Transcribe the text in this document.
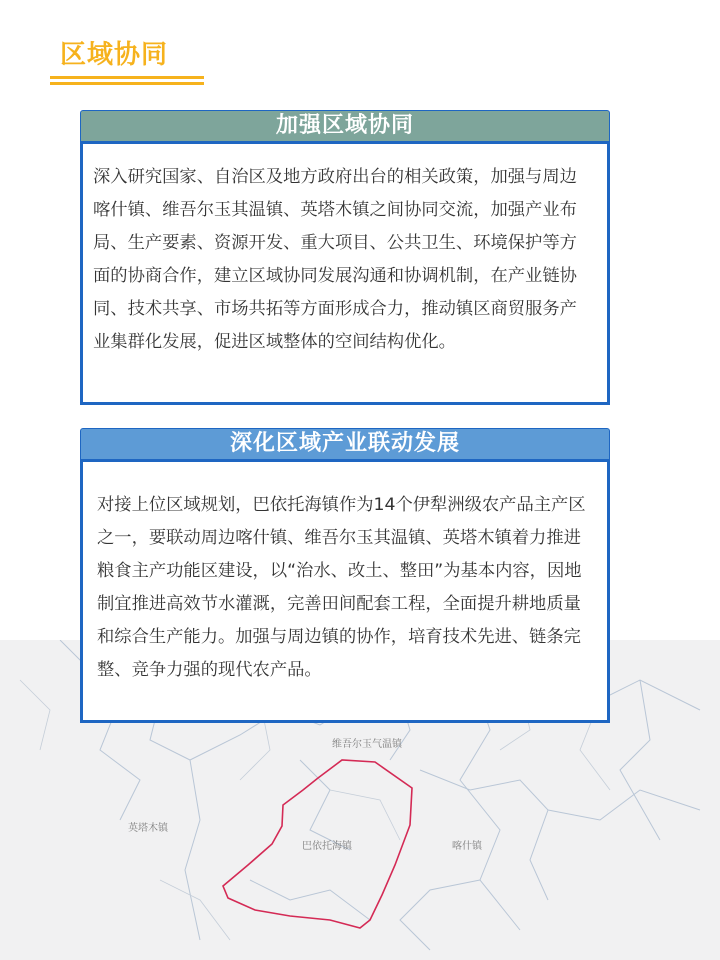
维吾尔玉气温镇
英塔木镇
巴依托海镇	喀什镇
区域协同
加强区域协同
深入研究国家、自治区及地方政府出台的相关政策，加强与周边喀什镇、维吾尔玉其温镇、英塔木镇之间协同交流，加强产业布局、生产要素、资源开发、重大项目、公共卫生、环境保护等方面的协商合作，建立区域协同发展沟通和协调机制，在产业链协同、技术共享、市场共拓等方面形成合力，推动镇区商贸服务产业集群化发展，促进区域整体的空间结构优化。
深化区域产业联动发展
对接上位区域规划，巴依托海镇作为14个伊犁洲级农产品主产区之一，要联动周边喀什镇、维吾尔玉其温镇、英塔木镇着力推进粮食主产功能区建设，以“治水、改土、整田”为基本内容，因地制宜推进高效节水灌溉，完善田间配套工程，全面提升耕地质量和综合生产能力。加强与周边镇的协作，培育技术先进、链条完整、竞争力强的现代农产品。
